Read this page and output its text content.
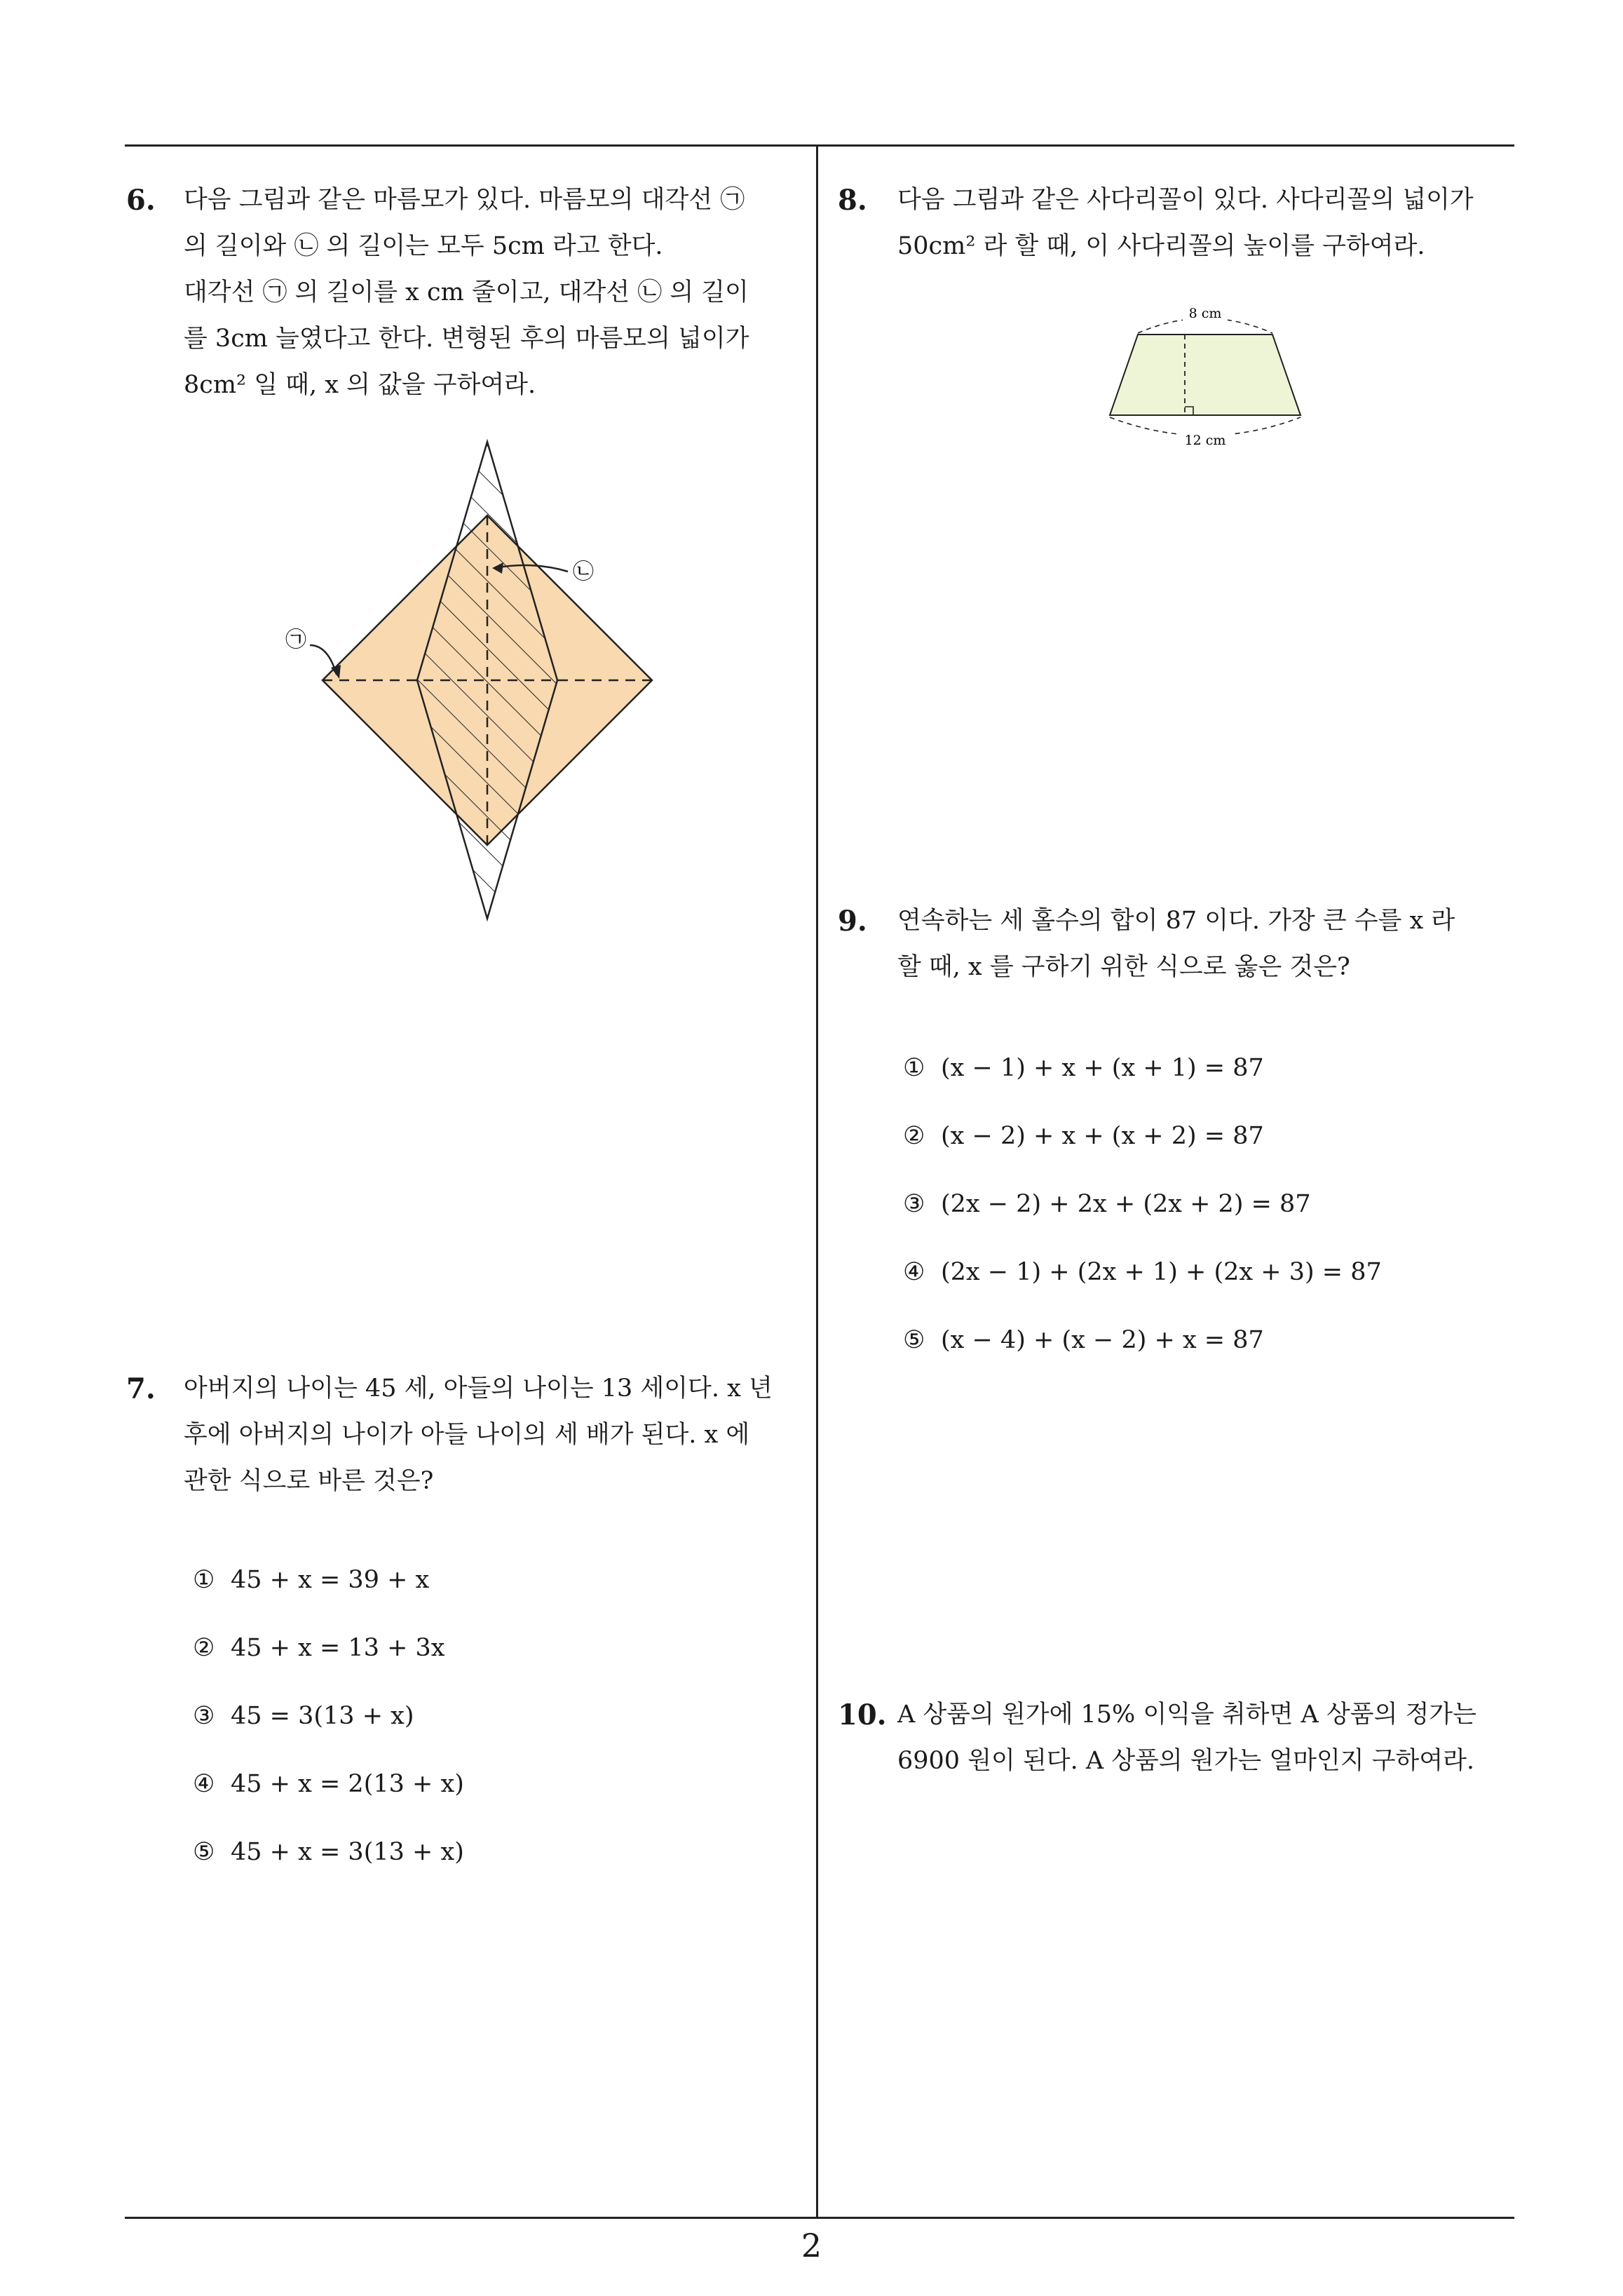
6. 다음 그림과 같은 마름모가 있다. 마름모의 대각선 ㉠
의 길이와 ㉡ 의 길이는 모두 5cm 라고 한다.
대각선 ㉠ 의 길이를 x cm 줄이고, 대각선 ㉡ 의 길이
를 3cm 늘였다고 한다. 변형된 후의 마름모의 넓이가
8cm² 일 때, x 의 값을 구하여라.
㉠
㉡
7. 아버지의 나이는 45 세, 아들의 나이는 13 세이다. x 년
후에 아버지의 나이가 아들 나이의 세 배가 된다. x 에
관한 식으로 바른 것은?
① 45 + x = 39 + x
② 45 + x = 13 + 3x
③ 45 = 3(13 + x)
④ 45 + x = 2(13 + x)
⑤ 45 + x = 3(13 + x)
8. 다음 그림과 같은 사다리꼴이 있다. 사다리꼴의 넓이가
50cm² 라 할 때, 이 사다리꼴의 높이를 구하여라.
8 cm
12 cm
9. 연속하는 세 홀수의 합이 87 이다. 가장 큰 수를 x 라
할 때, x 를 구하기 위한 식으로 옳은 것은?
① (x − 1) + x + (x + 1) = 87
② (x − 2) + x + (x + 2) = 87
③ (2x − 2) + 2x + (2x + 2) = 87
④ (2x − 1) + (2x + 1) + (2x + 3) = 87
⑤ (x − 4) + (x − 2) + x = 87
10. A 상품의 원가에 15% 이익을 취하면 A 상품의 정가는
6900 원이 된다. A 상품의 원가는 얼마인지 구하여라.
2
